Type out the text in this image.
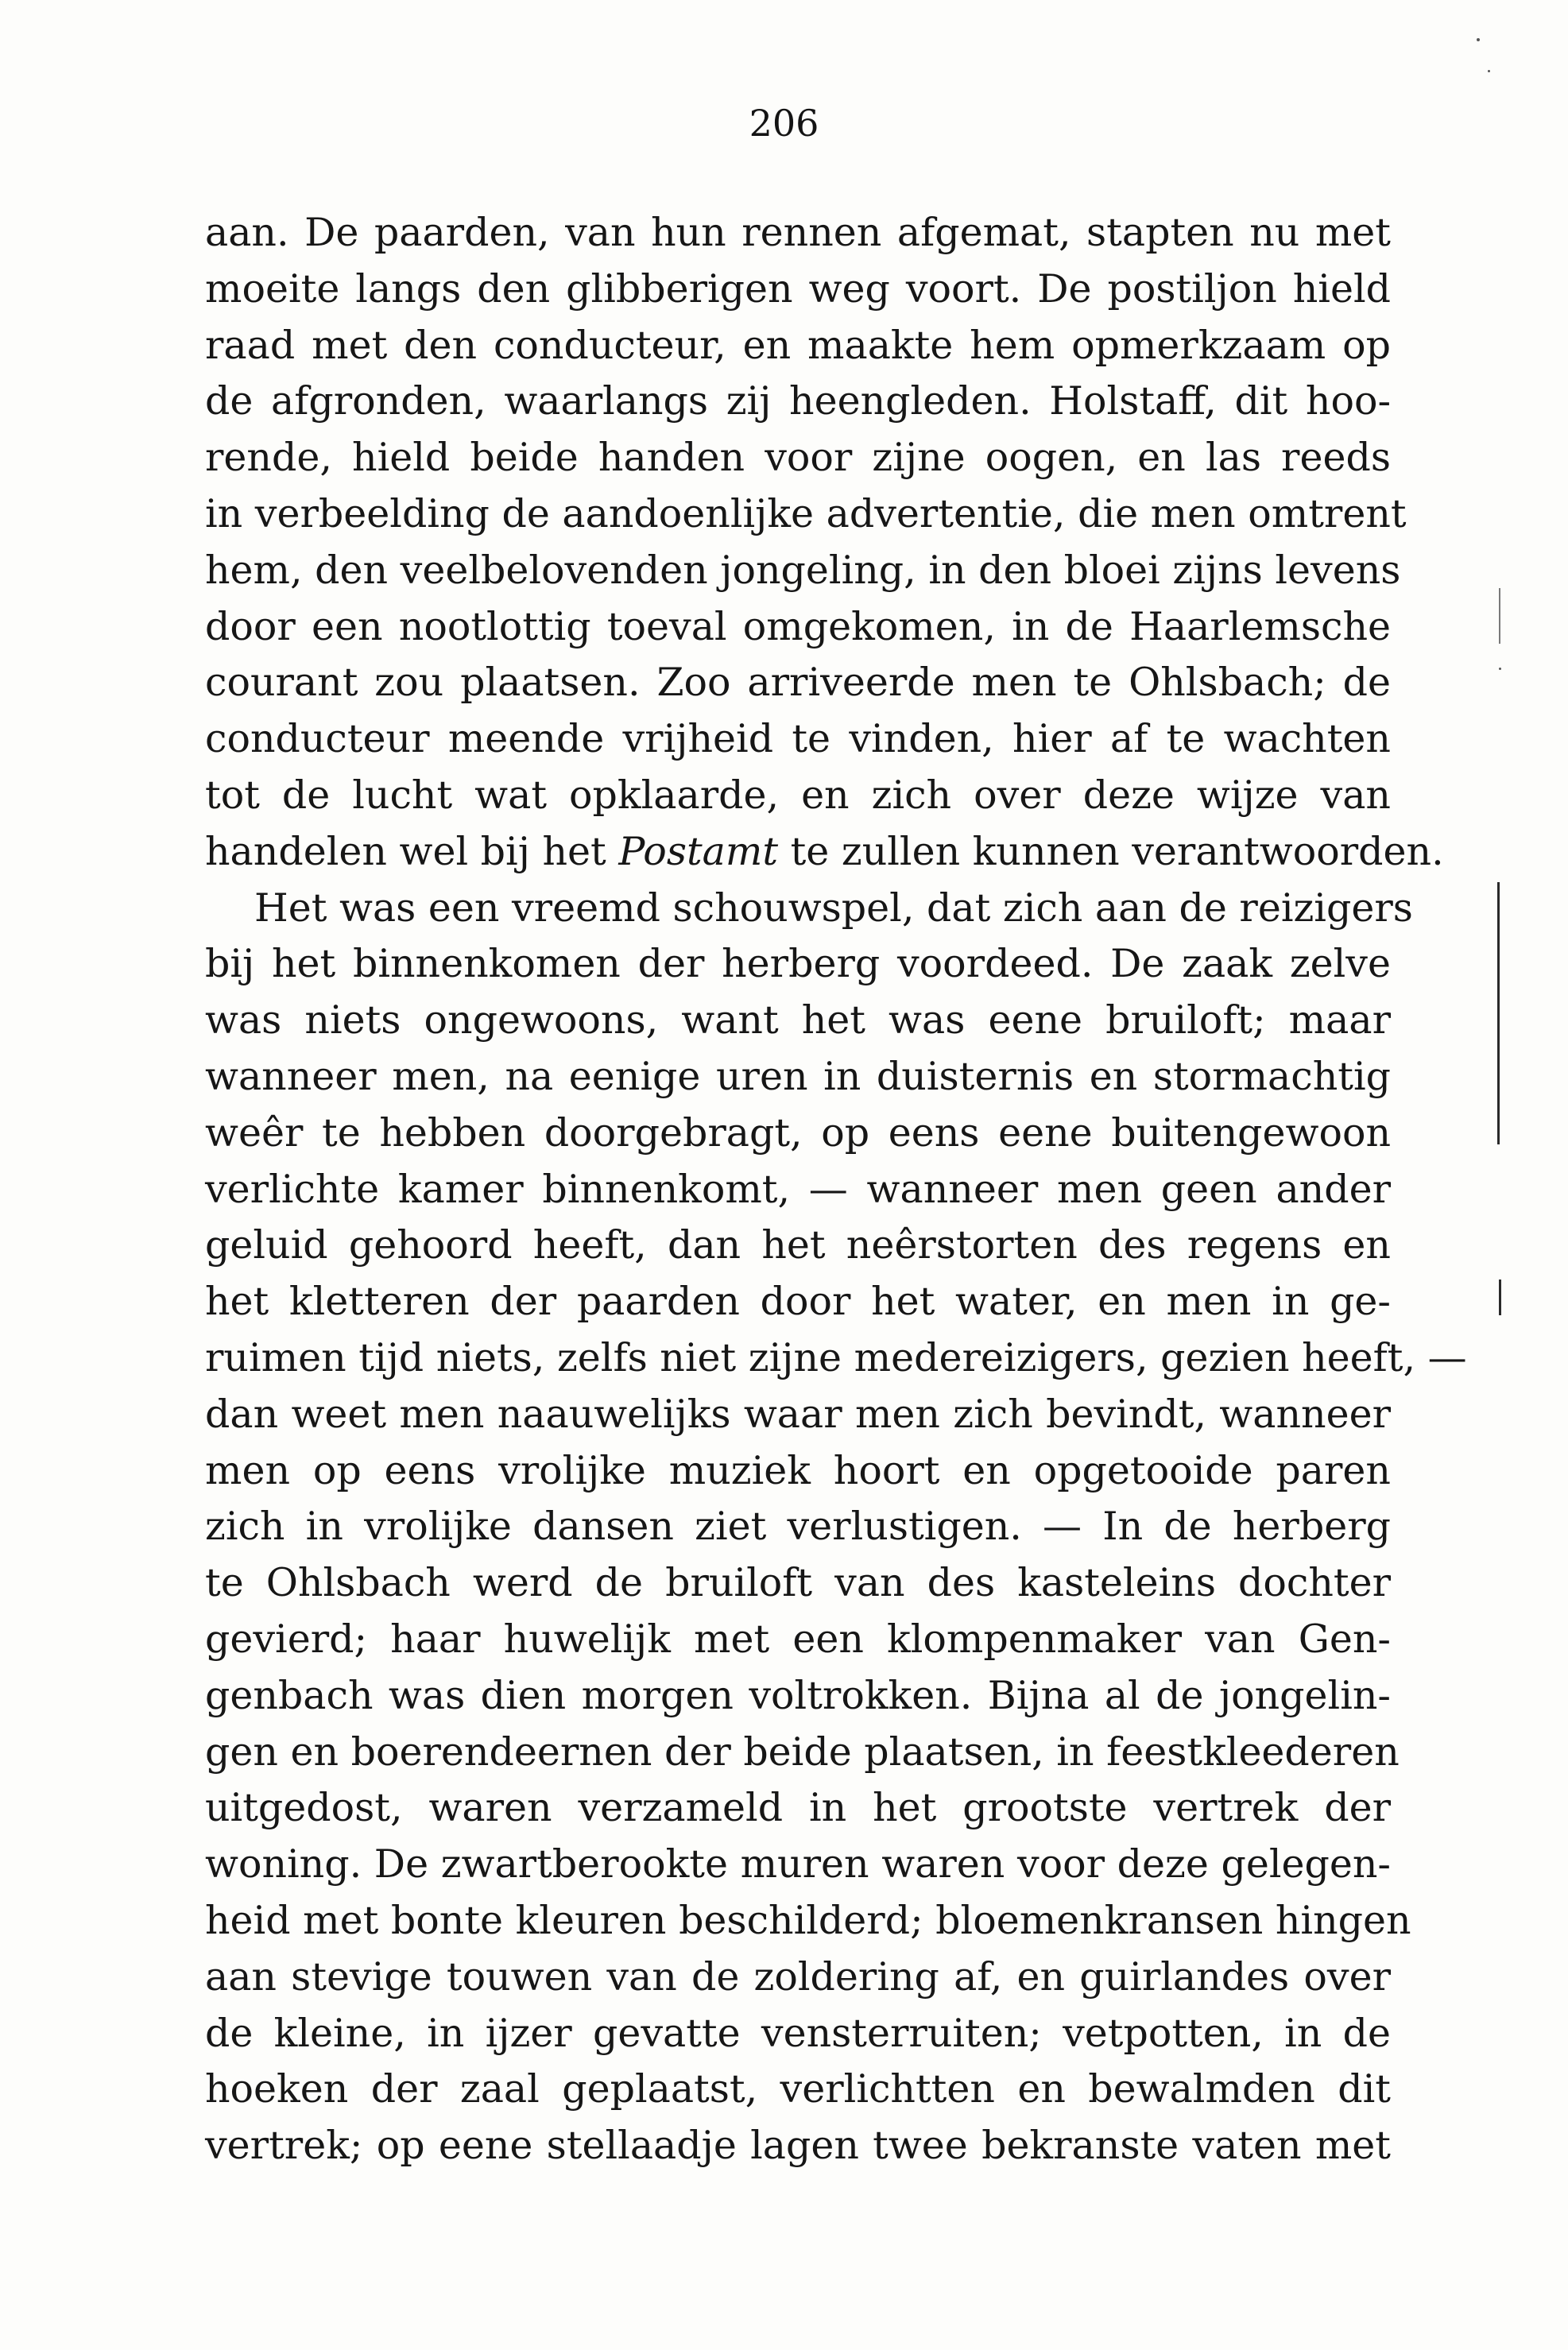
206

aan. De paarden, van hun rennen afgemat, stapten nu met
moeite langs den glibberigen weg voort. De postiljon hield
raad met den conducteur, en maakte hem opmerkzaam op
de afgronden, waarlangs zij heengleden. Holstaff, dit hoo-
rende, hield beide handen voor zijne oogen, en las reeds
in verbeelding de aandoenlijke advertentie, die men omtrent
hem, den veelbelovenden jongeling, in den bloei zijns levens
door een nootlottig toeval omgekomen, in de Haarlemsche
courant zou plaatsen. Zoo arriveerde men te Ohlsbach; de
conducteur meende vrijheid te vinden, hier af te wachten
tot de lucht wat opklaarde, en zich over deze wijze van
handelen wel bij het Postamt te zullen kunnen verantwoorden.
Het was een vreemd schouwspel, dat zich aan de reizigers
bij het binnenkomen der herberg voordeed. De zaak zelve
was niets ongewoons, want het was eene bruiloft; maar
wanneer men, na eenige uren in duisternis en stormachtig
weêr te hebben doorgebragt, op eens eene buitengewoon
verlichte kamer binnenkomt, — wanneer men geen ander
geluid gehoord heeft, dan het neêrstorten des regens en
het kletteren der paarden door het water, en men in ge-
ruimen tijd niets, zelfs niet zijne medereizigers, gezien heeft, —
dan weet men naauwelijks waar men zich bevindt, wanneer
men op eens vrolijke muziek hoort en opgetooide paren
zich in vrolijke dansen ziet verlustigen. — In de herberg
te Ohlsbach werd de bruiloft van des kasteleins dochter
gevierd; haar huwelijk met een klompenmaker van Gen-
genbach was dien morgen voltrokken. Bijna al de jongelin-
gen en boerendeernen der beide plaatsen, in feestkleederen
uitgedost, waren verzameld in het grootste vertrek der
woning. De zwartberookte muren waren voor deze gelegen-
heid met bonte kleuren beschilderd; bloemenkransen hingen
aan stevige touwen van de zoldering af, en guirlandes over
de kleine, in ijzer gevatte vensterruiten; vetpotten, in de
hoeken der zaal geplaatst, verlichtten en bewalmden dit
vertrek; op eene stellaadje lagen twee bekranste vaten met
